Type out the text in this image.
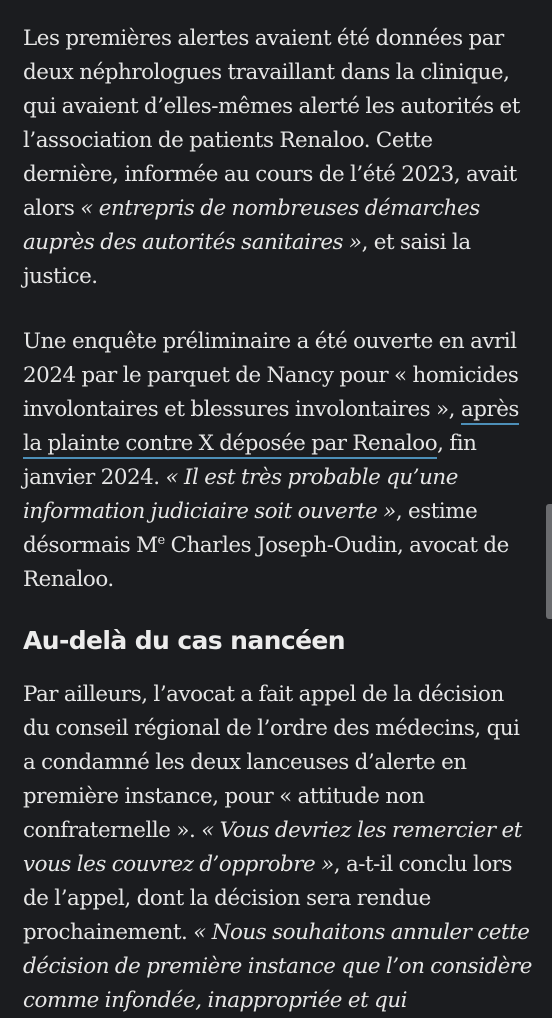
Les premières alertes avaient été données par deux néphrologues travaillant dans la clinique, qui avaient d’elles-mêmes alerté les autorités et l’association de patients Renaloo. Cette dernière, informée au cours de l’été 2023, avait alors « entrepris de nombreuses démarches auprès des autorités sanitaires », et saisi la justice.

Une enquête préliminaire a été ouverte en avril 2024 par le parquet de Nancy pour « homicides involontaires et blessures involontaires », après la plainte contre X déposée par Renaloo, fin janvier 2024. « Il est très probable qu’une information judiciaire soit ouverte », estime désormais Me Charles Joseph-Oudin, avocat de Renaloo.

Au-delà du cas nancéen

Par ailleurs, l’avocat a fait appel de la décision du conseil régional de l’ordre des médecins, qui a condamné les deux lanceuses d’alerte en première instance, pour « attitude non confraternelle ». « Vous devriez les remercier et vous les couvrez d’opprobre », a-t-il conclu lors de l’appel, dont la décision sera rendue prochainement. « Nous souhaitons annuler cette décision de première instance que l’on considère comme infondée, inappropriée et qui
